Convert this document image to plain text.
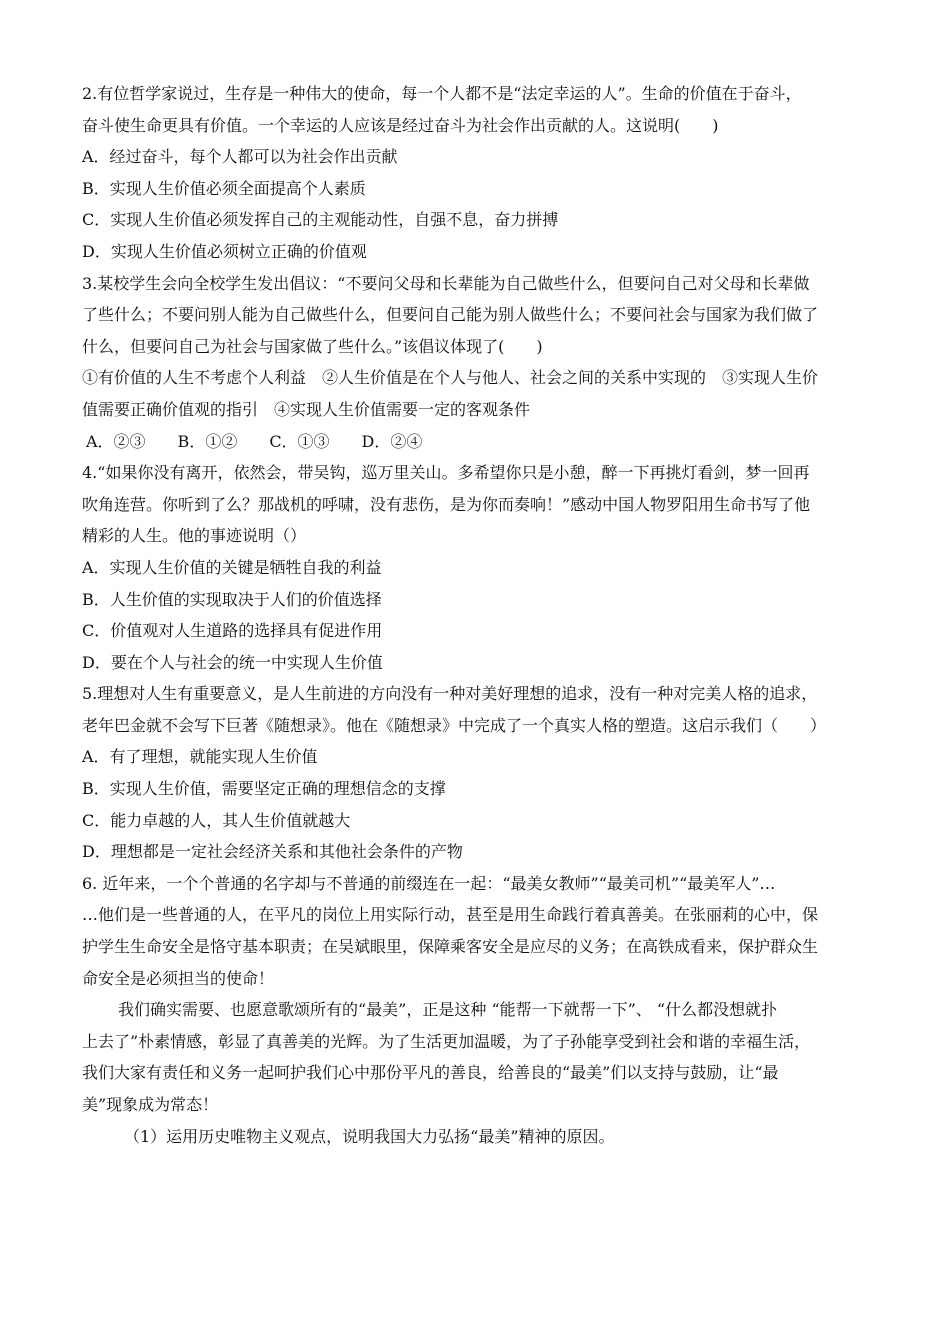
2.有位哲学家说过，生存是一种伟大的使命，每一个人都不是“法定幸运的人”。生命的价值在于奋斗，

奋斗使生命更具有价值。一个幸运的人应该是经过奋斗为社会作出贡献的人。这说明(　　)

A．经过奋斗，每个人都可以为社会作出贡献

B．实现人生价值必须全面提高个人素质

C．实现人生价值必须发挥自己的主观能动性，自强不息，奋力拼搏

D．实现人生价值必须树立正确的价值观

3.某校学生会向全校学生发出倡议：“不要问父母和长辈能为自己做些什么，但要问自己对父母和长辈做

了些什么；不要问别人能为自己做些什么，但要问自己能为别人做些什么；不要问社会与国家为我们做了

什么，但要问自己为社会与国家做了些什么。”该倡议体现了(　　)

①有价值的人生不考虑个人利益　②人生价值是在个人与他人、社会之间的关系中实现的　③实现人生价

值需要正确价值观的指引　④实现人生价值需要一定的客观条件

A．②③　　B．①②　　C．①③　　D．②④

4.“如果你没有离开，依然会，带吴钩，巡万里关山。多希望你只是小憩，醉一下再挑灯看剑，梦一回再

吹角连营。你听到了么？那战机的呼啸，没有悲伤，是为你而奏响！”感动中国人物罗阳用生命书写了他

精彩的人生。他的事迹说明（）

A．实现人生价值的关键是牺牲自我的利益

B．人生价值的实现取决于人们的价值选择

C．价值观对人生道路的选择具有促进作用

D．要在个人与社会的统一中实现人生价值

5.理想对人生有重要意义，是人生前进的方向没有一种对美好理想的追求，没有一种对完美人格的追求，

老年巴金就不会写下巨著《随想录》。他在《随想录》中完成了一个真实人格的塑造。这启示我们（　　）

A．有了理想，就能实现人生价值

B．实现人生价值，需要坚定正确的理想信念的支撑

C．能力卓越的人，其人生价值就越大

D．理想都是一定社会经济关系和其他社会条件的产物

6. 近年来，一个个普通的名字却与不普通的前缀连在一起：“最美女教师”“最美司机”“最美军人”…

…他们是一些普通的人，在平凡的岗位上用实际行动，甚至是用生命践行着真善美。在张丽莉的心中，保

护学生生命安全是恪守基本职责；在吴斌眼里，保障乘客安全是应尽的义务；在高铁成看来，保护群众生

命安全是必须担当的使命！

我们确实需要、也愿意歌颂所有的“最美”，正是这种 “能帮一下就帮一下”、 “什么都没想就扑

上去了”朴素情感，彰显了真善美的光辉。为了生活更加温暖，为了子孙能享受到社会和谐的幸福生活，

我们大家有责任和义务一起呵护我们心中那份平凡的善良，给善良的“最美”们以支持与鼓励，让“最

美”现象成为常态！

（1）运用历史唯物主义观点，说明我国大力弘扬“最美”精神的原因。
